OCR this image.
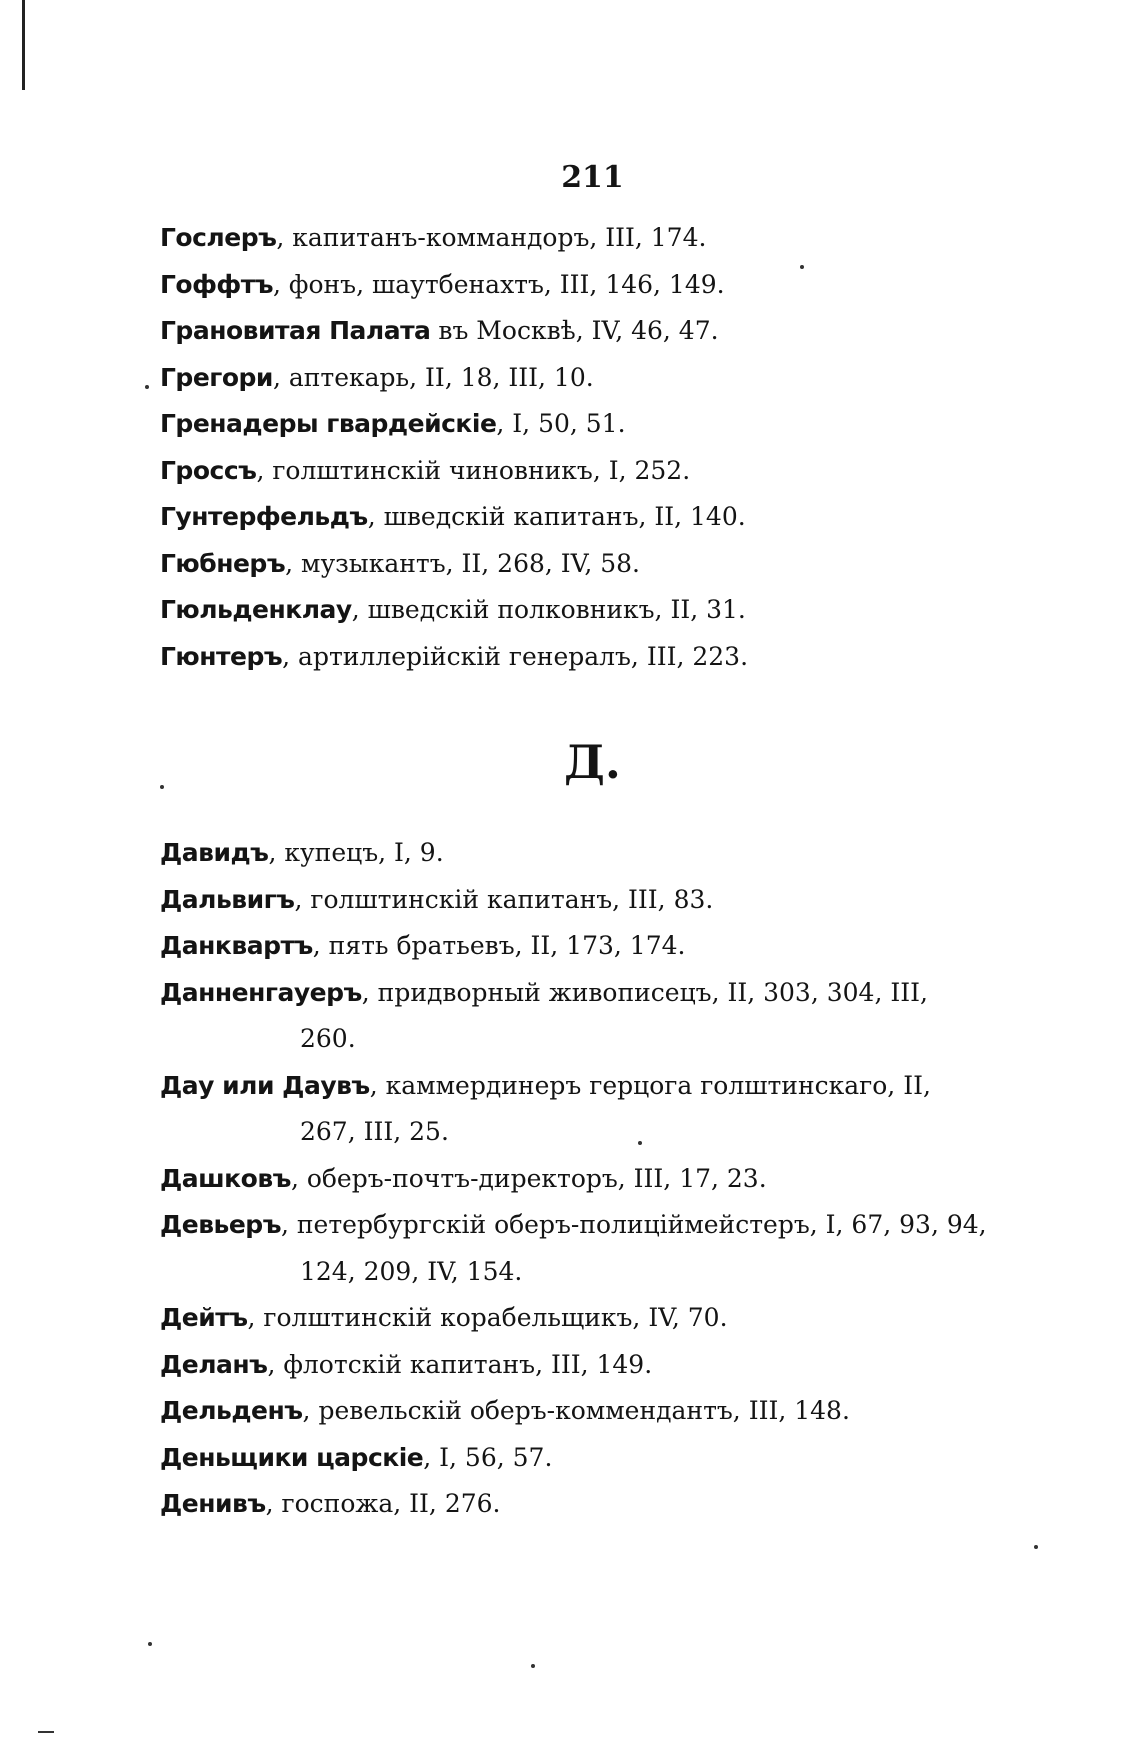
211
Гослеръ, капитанъ-коммандоръ, III, 174.
Гоффтъ, фонъ, шаутбенахтъ, III, 146, 149.
Грановитая Палата въ Москвѣ, IV, 46, 47.
Грегори, аптекарь, II, 18, III, 10.
Гренадеры гвардейскіе, I, 50, 51.
Гроссъ, голштинскій чиновникъ, I, 252.
Гунтерфельдъ, шведскій капитанъ, II, 140.
Гюбнеръ, музыкантъ, II, 268, IV, 58.
Гюльденклау, шведскій полковникъ, II, 31.
Гюнтеръ, артиллерійскій генералъ, III, 223.
Д.
Давидъ, купецъ, I, 9.
Дальвигъ, голштинскій капитанъ, III, 83.
Данквартъ, пять братьевъ, II, 173, 174.
Данненгауеръ, придворный живописецъ, II, 303, 304, III, 260.
Дау или Даувъ, каммердинеръ герцога голштинскаго, II, 267, III, 25.
Дашковъ, оберъ-почтъ-директоръ, III, 17, 23.
Девьеръ, петербургскій оберъ-полицiймейстеръ, I, 67, 93, 94, 124, 209, IV, 154.
Дейтъ, голштинскій корабельщикъ, IV, 70.
Деланъ, флотскій капитанъ, III, 149.
Дельденъ, ревельскій оберъ-коммендантъ, III, 148.
Деньщики царскіе, I, 56, 57.
Денивъ, госпожа, II, 276.
